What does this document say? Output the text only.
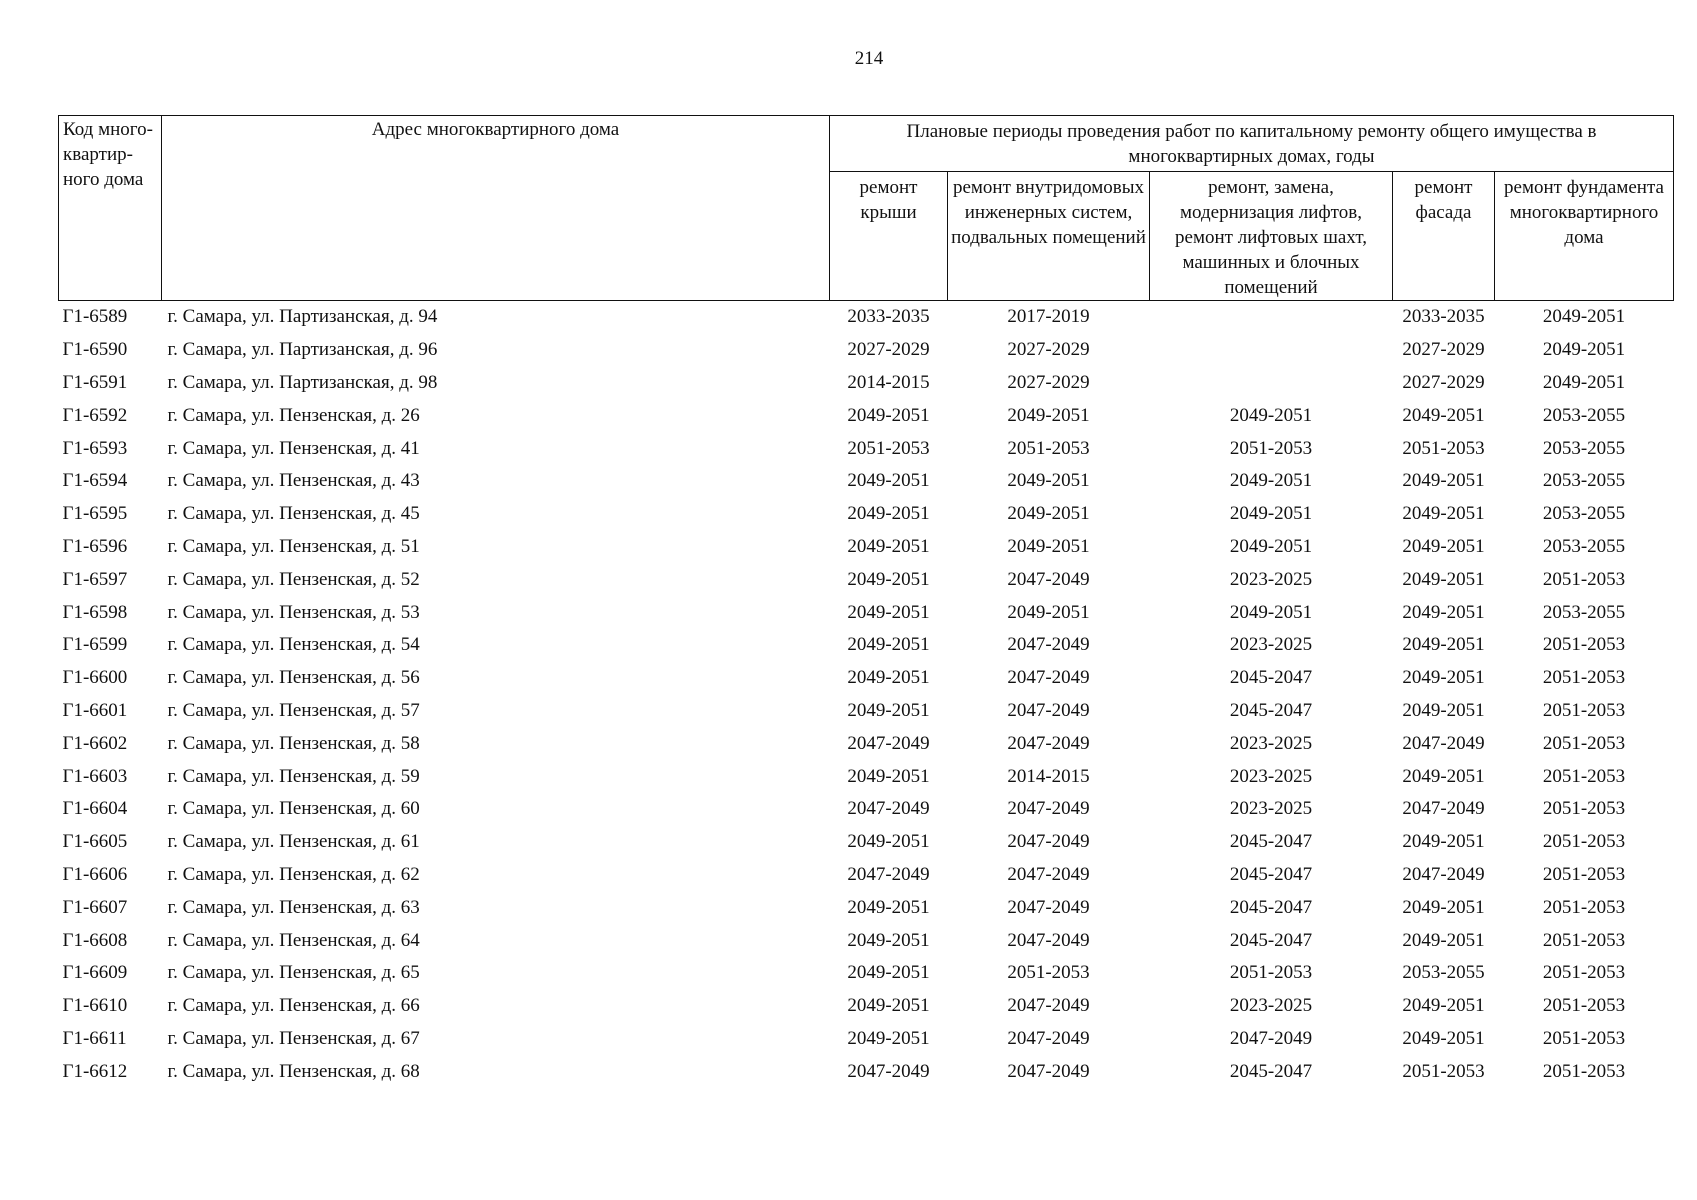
214
Код много-квартир-ного дома	Адрес многоквартирного дома	Плановые периоды проведения работ по капитальному ремонту общего имущества в многоквартирных домах, годы				
		ремонт крыши	ремонт внутридомовых инженерных систем, подвальных помещений	ремонт, замена, модернизация лифтов, ремонт лифтовых шахт, машинных и блочных помещений	ремонт фасада	ремонт фундамента многоквартирного дома
Г1-6589	г. Самара, ул. Партизанская, д. 94	2033-2035	2017-2019		2033-2035	2049-2051
Г1-6590	г. Самара, ул. Партизанская, д. 96	2027-2029	2027-2029		2027-2029	2049-2051
Г1-6591	г. Самара, ул. Партизанская, д. 98	2014-2015	2027-2029		2027-2029	2049-2051
Г1-6592	г. Самара, ул. Пензенская, д. 26	2049-2051	2049-2051	2049-2051	2049-2051	2053-2055
Г1-6593	г. Самара, ул. Пензенская, д. 41	2051-2053	2051-2053	2051-2053	2051-2053	2053-2055
Г1-6594	г. Самара, ул. Пензенская, д. 43	2049-2051	2049-2051	2049-2051	2049-2051	2053-2055
Г1-6595	г. Самара, ул. Пензенская, д. 45	2049-2051	2049-2051	2049-2051	2049-2051	2053-2055
Г1-6596	г. Самара, ул. Пензенская, д. 51	2049-2051	2049-2051	2049-2051	2049-2051	2053-2055
Г1-6597	г. Самара, ул. Пензенская, д. 52	2049-2051	2047-2049	2023-2025	2049-2051	2051-2053
Г1-6598	г. Самара, ул. Пензенская, д. 53	2049-2051	2049-2051	2049-2051	2049-2051	2053-2055
Г1-6599	г. Самара, ул. Пензенская, д. 54	2049-2051	2047-2049	2023-2025	2049-2051	2051-2053
Г1-6600	г. Самара, ул. Пензенская, д. 56	2049-2051	2047-2049	2045-2047	2049-2051	2051-2053
Г1-6601	г. Самара, ул. Пензенская, д. 57	2049-2051	2047-2049	2045-2047	2049-2051	2051-2053
Г1-6602	г. Самара, ул. Пензенская, д. 58	2047-2049	2047-2049	2023-2025	2047-2049	2051-2053
Г1-6603	г. Самара, ул. Пензенская, д. 59	2049-2051	2014-2015	2023-2025	2049-2051	2051-2053
Г1-6604	г. Самара, ул. Пензенская, д. 60	2047-2049	2047-2049	2023-2025	2047-2049	2051-2053
Г1-6605	г. Самара, ул. Пензенская, д. 61	2049-2051	2047-2049	2045-2047	2049-2051	2051-2053
Г1-6606	г. Самара, ул. Пензенская, д. 62	2047-2049	2047-2049	2045-2047	2047-2049	2051-2053
Г1-6607	г. Самара, ул. Пензенская, д. 63	2049-2051	2047-2049	2045-2047	2049-2051	2051-2053
Г1-6608	г. Самара, ул. Пензенская, д. 64	2049-2051	2047-2049	2045-2047	2049-2051	2051-2053
Г1-6609	г. Самара, ул. Пензенская, д. 65	2049-2051	2051-2053	2051-2053	2053-2055	2051-2053
Г1-6610	г. Самара, ул. Пензенская, д. 66	2049-2051	2047-2049	2023-2025	2049-2051	2051-2053
Г1-6611	г. Самара, ул. Пензенская, д. 67	2049-2051	2047-2049	2047-2049	2049-2051	2051-2053
Г1-6612	г. Самара, ул. Пензенская, д. 68	2047-2049	2047-2049	2045-2047	2051-2053	2051-2053
